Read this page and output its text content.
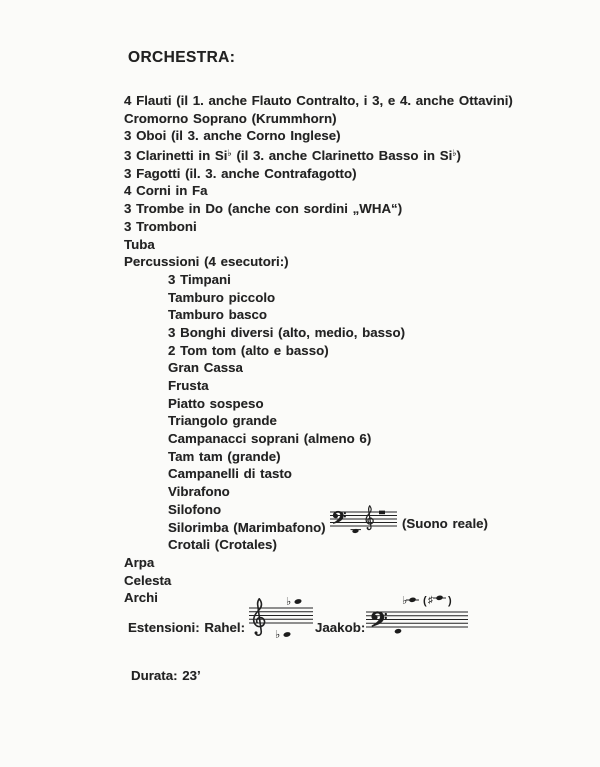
ORCHESTRA:
4 Flauti (il 1. anche Flauto Contralto, i 3, e 4. anche Ottavini)
Cromorno Soprano (Krummhorn)
3 Oboi (il 3. anche Corno Inglese)
3 Clarinetti in Si♭ (il 3. anche Clarinetto Basso in Si♭)
3 Fagotti (il. 3. anche Contrafagotto)
4 Corni in Fa
3 Trombe in Do (anche con sordini „WHA“)
3 Tromboni
Tuba
Percussioni (4 esecutori:)
3 Timpani
Tamburo piccolo
Tamburo basco
3 Bonghi diversi (alto, medio, basso)
2 Tom tom (alto e basso)
Gran Cassa
Frusta
Piatto sospeso
Triangolo grande
Campanacci soprani (almeno 6)
Tam tam (grande)
Campanelli di tasto
Vibrafono
Silofono
Silorimba (Marimbafono)
Crotali (Crotales)
Arpa
Celesta
Archi
(Suono reale)
Estensioni: Rahel:
♭
♭	Jaakob:
♭ ( ♯ )
Durata: 23’
